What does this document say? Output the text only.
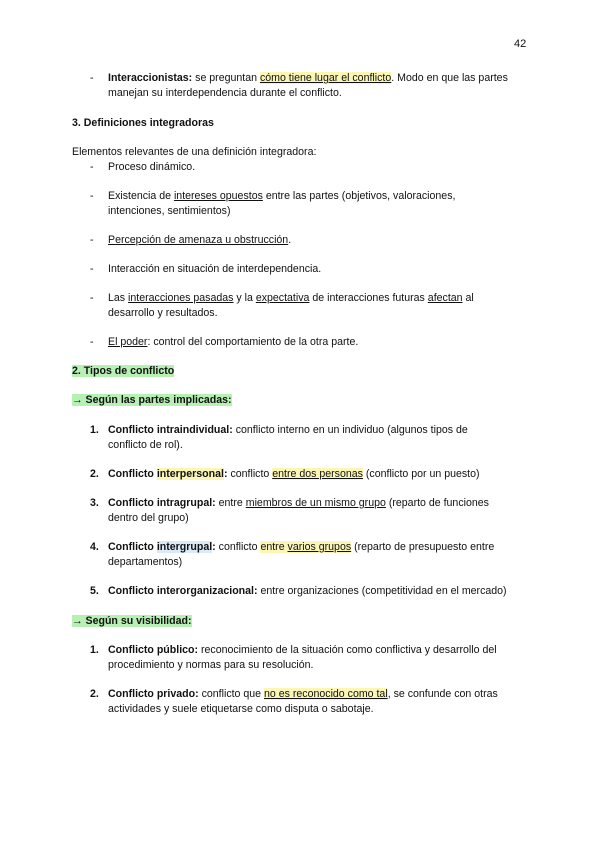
42
- Interaccionistas: se preguntan cómo tiene lugar el conflicto. Modo en que las partes
manejan su interdependencia durante el conflicto.
3. Definiciones integradoras
Elementos relevantes de una definición integradora:
- Proceso dinámico.
- Existencia de intereses opuestos entre las partes (objetivos, valoraciones,
intenciones, sentimientos)
- Percepción de amenaza u obstrucción.
- Interacción en situación de interdependencia.
- Las interacciones pasadas y la expectativa de interacciones futuras afectan al
desarrollo y resultados.
- El poder: control del comportamiento de la otra parte.
2. Tipos de conflicto
→ Según las partes implicadas:
1. Conflicto intraindividual: conflicto interno en un individuo (algunos tipos de
conflicto de rol).
2. Conflicto interpersonal: conflicto entre dos personas (conflicto por un puesto)
3. Conflicto intragrupal: entre miembros de un mismo grupo (reparto de funciones
dentro del grupo)
4. Conflicto intergrupal: conflicto entre varios grupos (reparto de presupuesto entre
departamentos)
5. Conflicto interorganizacional: entre organizaciones (competitividad en el mercado)
→ Según su visibilidad:
1. Conflicto público: reconocimiento de la situación como conflictiva y desarrollo del
procedimiento y normas para su resolución.
2. Conflicto privado: conflicto que no es reconocido como tal, se confunde con otras
actividades y suele etiquetarse como disputa o sabotaje.
